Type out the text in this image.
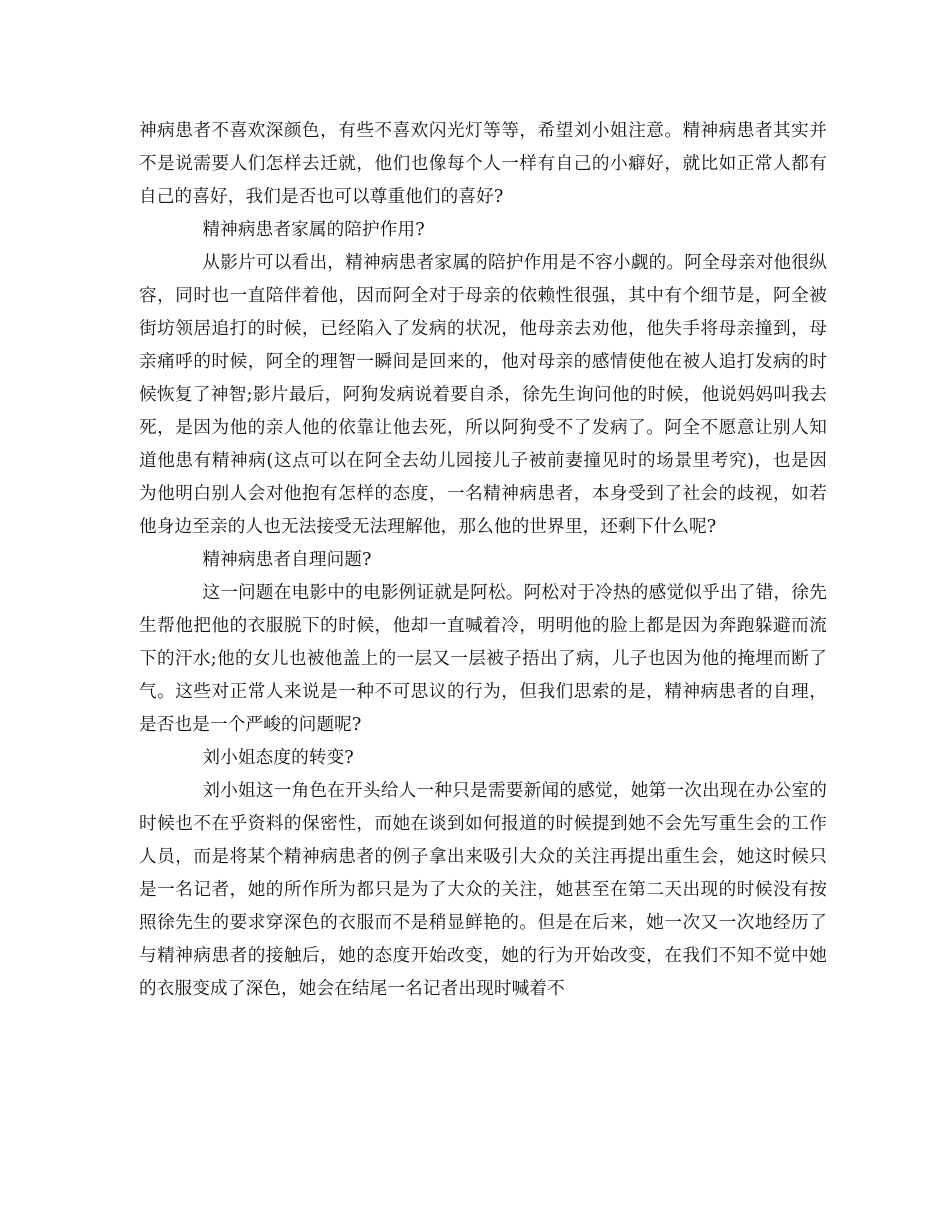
神病患者不喜欢深颜色，有些不喜欢闪光灯等等，希望刘小姐注意。精神病患者其实并不是说需要人们怎样去迁就，他们也像每个人一样有自己的小癖好，就比如正常人都有自己的喜好，我们是否也可以尊重他们的喜好?

精神病患者家属的陪护作用?

从影片可以看出，精神病患者家属的陪护作用是不容小觑的。阿全母亲对他很纵容，同时也一直陪伴着他，因而阿全对于母亲的依赖性很强，其中有个细节是，阿全被街坊领居追打的时候，已经陷入了发病的状况，他母亲去劝他，他失手将母亲撞到，母亲痛呼的时候，阿全的理智一瞬间是回来的，他对母亲的感情使他在被人追打发病的时候恢复了神智;影片最后，阿狗发病说着要自杀，徐先生询问他的时候，他说妈妈叫我去死，是因为他的亲人他的依靠让他去死，所以阿狗受不了发病了。阿全不愿意让别人知道他患有精神病(这点可以在阿全去幼儿园接儿子被前妻撞见时的场景里考究)，也是因为他明白别人会对他抱有怎样的态度，一名精神病患者，本身受到了社会的歧视，如若他身边至亲的人也无法接受无法理解他，那么他的世界里，还剩下什么呢?

精神病患者自理问题?

这一问题在电影中的电影例证就是阿松。阿松对于冷热的感觉似乎出了错，徐先生帮他把他的衣服脱下的时候，他却一直喊着冷，明明他的脸上都是因为奔跑躲避而流下的汗水;他的女儿也被他盖上的一层又一层被子捂出了病，儿子也因为他的掩埋而断了气。这些对正常人来说是一种不可思议的行为，但我们思索的是，精神病患者的自理，是否也是一个严峻的问题呢?

刘小姐态度的转变?

刘小姐这一角色在开头给人一种只是需要新闻的感觉，她第一次出现在办公室的时候也不在乎资料的保密性，而她在谈到如何报道的时候提到她不会先写重生会的工作人员，而是将某个精神病患者的例子拿出来吸引大众的关注再提出重生会，她这时候只是一名记者，她的所作所为都只是为了大众的关注，她甚至在第二天出现的时候没有按照徐先生的要求穿深色的衣服而不是稍显鲜艳的。但是在后来，她一次又一次地经历了与精神病患者的接触后，她的态度开始改变，她的行为开始改变，在我们不知不觉中她的衣服变成了深色，她会在结尾一名记者出现时喊着不
